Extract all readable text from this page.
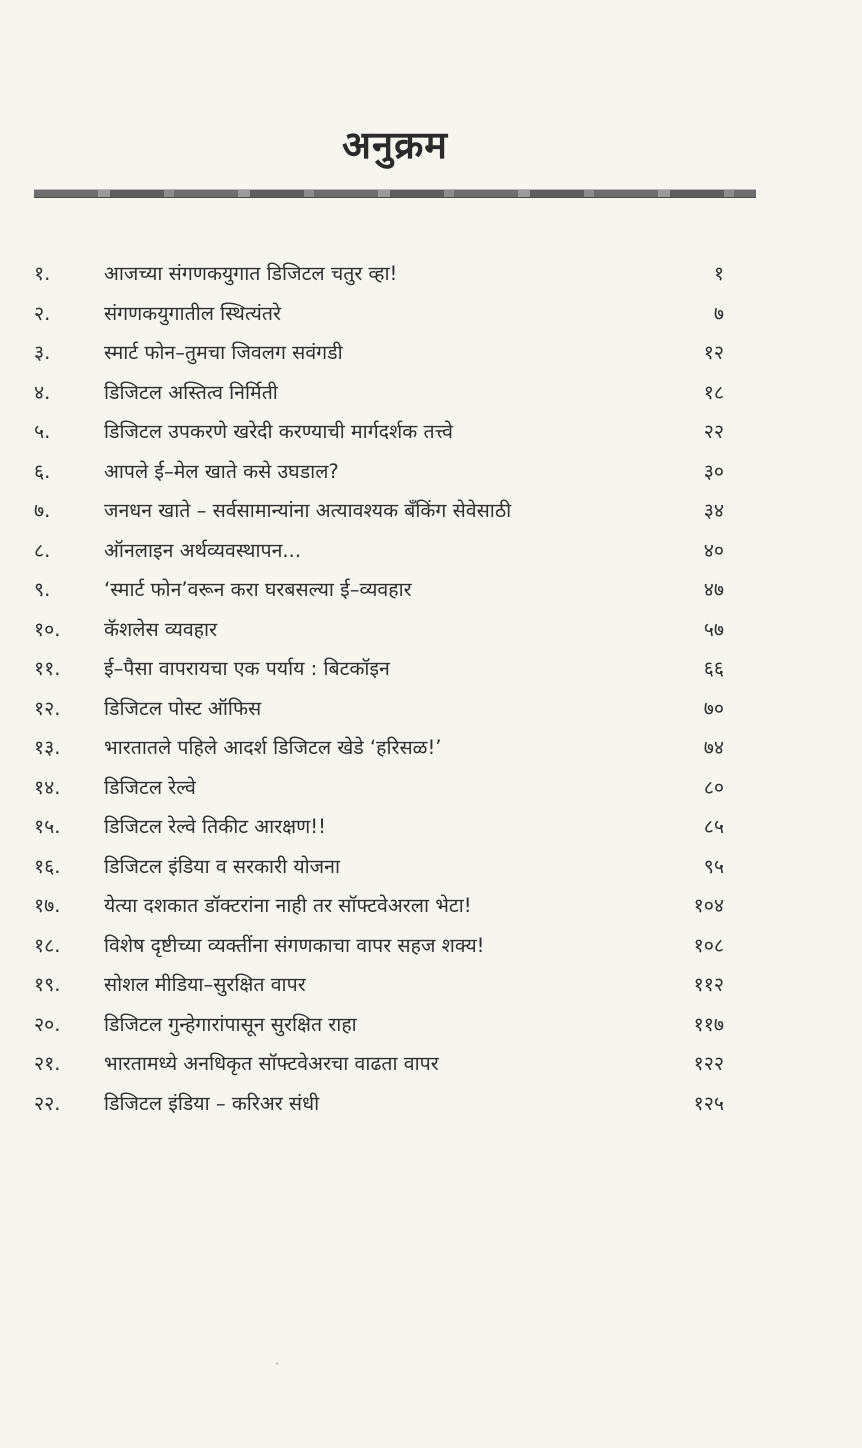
अनुक्रम
१.	आजच्या संगणकयुगात डिजिटल चतुर व्हा!	१
२.	संगणकयुगातील स्थित्यंतरे	७
३.	स्मार्ट फोन–तुमचा जिवलग सवंगडी	१२
४.	डिजिटल अस्तित्व निर्मिती	१८
५.	डिजिटल उपकरणे खरेदी करण्याची मार्गदर्शक तत्त्वे	२२
६.	आपले ई–मेल खाते कसे उघडाल?	३०
७.	जनधन खाते – सर्वसामान्यांना अत्यावश्यक बँकिंग सेवेसाठी	३४
८.	ऑनलाइन अर्थव्यवस्थापन...	४०
९.	‘स्मार्ट फोन’वरून करा घरबसल्या ई–व्यवहार	४७
१०.	कॅशलेस व्यवहार	५७
११.	ई–पैसा वापरायचा एक पर्याय : बिटकॉइन	६६
१२.	डिजिटल पोस्ट ऑफिस	७०
१३.	भारतातले पहिले आदर्श डिजिटल खेडे ‘हरिसळ!’	७४
१४.	डिजिटल रेल्वे	८०
१५.	डिजिटल रेल्वे तिकीट आरक्षण!!	८५
१६.	डिजिटल इंडिया व सरकारी योजना	९५
१७.	येत्या दशकात डॉक्टरांना नाही तर सॉफ्टवेअरला भेटा!	१०४
१८.	विशेष दृष्टीच्या व्यक्तींना संगणकाचा वापर सहज शक्य!	१०८
१९.	सोशल मीडिया–सुरक्षित वापर	११२
२०.	डिजिटल गुन्हेगारांपासून सुरक्षित राहा	११७
२१.	भारतामध्ये अनधिकृत सॉफ्टवेअरचा वाढता वापर	१२२
२२.	डिजिटल इंडिया – करिअर संधी	१२५
